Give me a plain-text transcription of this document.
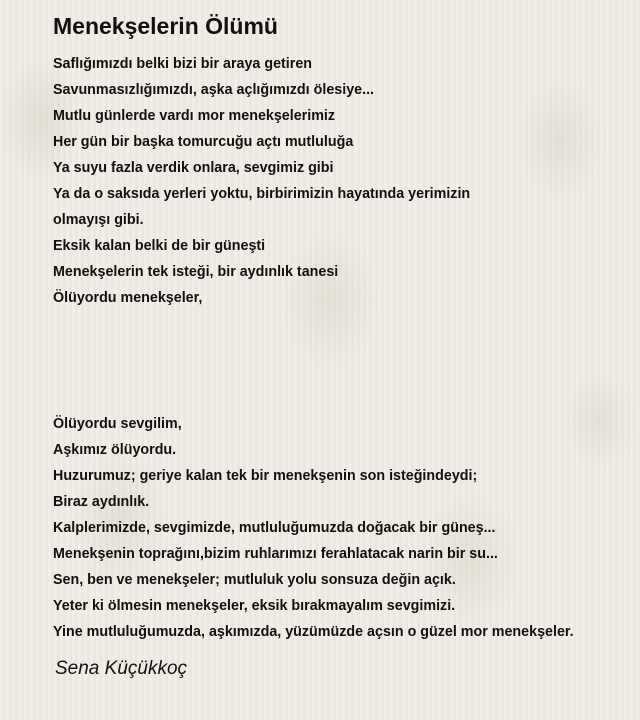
Menekşelerin Ölümü
Saflığımızdı belki bizi bir araya getiren
Savunmasızlığımızdı, aşka açlığımızdı ölesiye...
Mutlu günlerde vardı mor menekşelerimiz
Her gün bir başka tomurcuğu açtı mutluluğa
Ya suyu fazla verdik onlara, sevgimiz gibi
Ya da o saksıda yerleri yoktu, birbirimizin hayatında yerimizin
olmayışı gibi.
Eksik kalan belki de bir güneşti
Menekşelerin tek isteği, bir aydınlık tanesi
Ölüyordu menekşeler,
Ölüyordu sevgilim,
Aşkımız ölüyordu.
Huzurumuz; geriye kalan tek bir menekşenin son isteğindeydi;
Biraz aydınlık.
Kalplerimizde, sevgimizde, mutluluğumuzda doğacak bir güneş...
Menekşenin toprağını,bizim ruhlarımızı ferahlatacak narin bir su...
Sen, ben ve menekşeler; mutluluk yolu sonsuza değin açık.
Yeter ki ölmesin menekşeler, eksik bırakmayalım sevgimizi.
Yine mutluluğumuzda, aşkımızda, yüzümüzde açsın o güzel mor menekşeler.
Sena Küçükkoç
